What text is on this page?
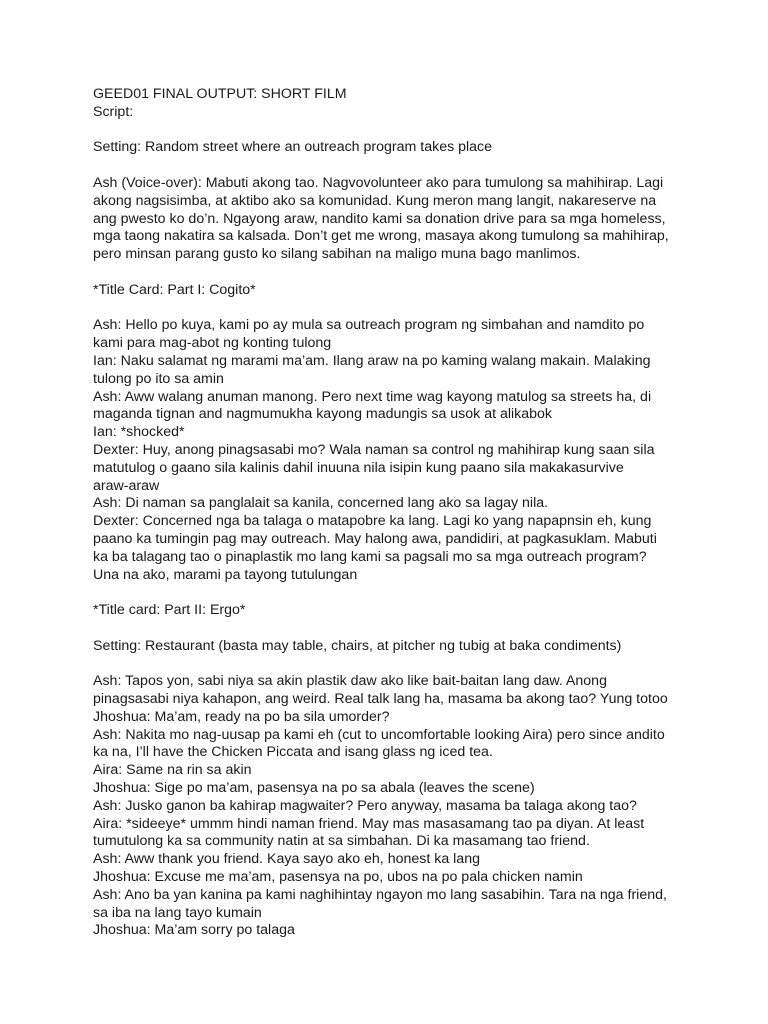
GEED01 FINAL OUTPUT: SHORT FILM

Script:

Setting: Random street where an outreach program takes place

Ash (Voice-over): Mabuti akong tao. Nagvovolunteer ako para tumulong sa mahihirap. Lagi

akong nagsisimba, at aktibo ako sa komunidad. Kung meron mang langit, nakareserve na

ang pwesto ko do’n. Ngayong araw, nandito kami sa donation drive para sa mga homeless,

mga taong nakatira sa kalsada. Don’t get me wrong, masaya akong tumulong sa mahihirap,

pero minsan parang gusto ko silang sabihan na maligo muna bago manlimos.

*Title Card: Part I: Cogito*

Ash: Hello po kuya, kami po ay mula sa outreach program ng simbahan and namdito po

kami para mag-abot ng konting tulong

Ian: Naku salamat ng marami ma’am. Ilang araw na po kaming walang makain. Malaking

tulong po ito sa amin

Ash: Aww walang anuman manong. Pero next time wag kayong matulog sa streets ha, di

maganda tignan and nagmumukha kayong madungis sa usok at alikabok

Ian: *shocked*

Dexter: Huy, anong pinagsasabi mo? Wala naman sa control ng mahihirap kung saan sila

matutulog o gaano sila kalinis dahil inuuna nila isipin kung paano sila makakasurvive

araw-araw

Ash: Di naman sa panglalait sa kanila, concerned lang ako sa lagay nila.

Dexter: Concerned nga ba talaga o matapobre ka lang. Lagi ko yang napapnsin eh, kung

paano ka tumingin pag may outreach. May halong awa, pandidiri, at pagkasuklam. Mabuti

ka ba talagang tao o pinaplastik mo lang kami sa pagsali mo sa mga outreach program?

Una na ako, marami pa tayong tutulungan

*Title card: Part II: Ergo*

Setting: Restaurant (basta may table, chairs, at pitcher ng tubig at baka condiments)

Ash: Tapos yon, sabi niya sa akin plastik daw ako like bait-baitan lang daw. Anong

pinagsasabi niya kahapon, ang weird. Real talk lang ha, masama ba akong tao? Yung totoo

Jhoshua: Ma’am, ready na po ba sila umorder?

Ash: Nakita mo nag-uusap pa kami eh (cut to uncomfortable looking Aira) pero since andito

ka na, I’ll have the Chicken Piccata and isang glass ng iced tea.

Aira: Same na rin sa akin

Jhoshua: Sige po ma’am, pasensya na po sa abala (leaves the scene)

Ash: Jusko ganon ba kahirap magwaiter? Pero anyway, masama ba talaga akong tao?

Aira: *sideeye* ummm hindi naman friend. May mas masasamang tao pa diyan. At least

tumutulong ka sa community natin at sa simbahan. Di ka masamang tao friend.

Ash: Aww thank you friend. Kaya sayo ako eh, honest ka lang

Jhoshua: Excuse me ma’am, pasensya na po, ubos na po pala chicken namin

Ash: Ano ba yan kanina pa kami naghihintay ngayon mo lang sasabihin. Tara na nga friend,

sa iba na lang tayo kumain

Jhoshua: Ma’am sorry po talaga
